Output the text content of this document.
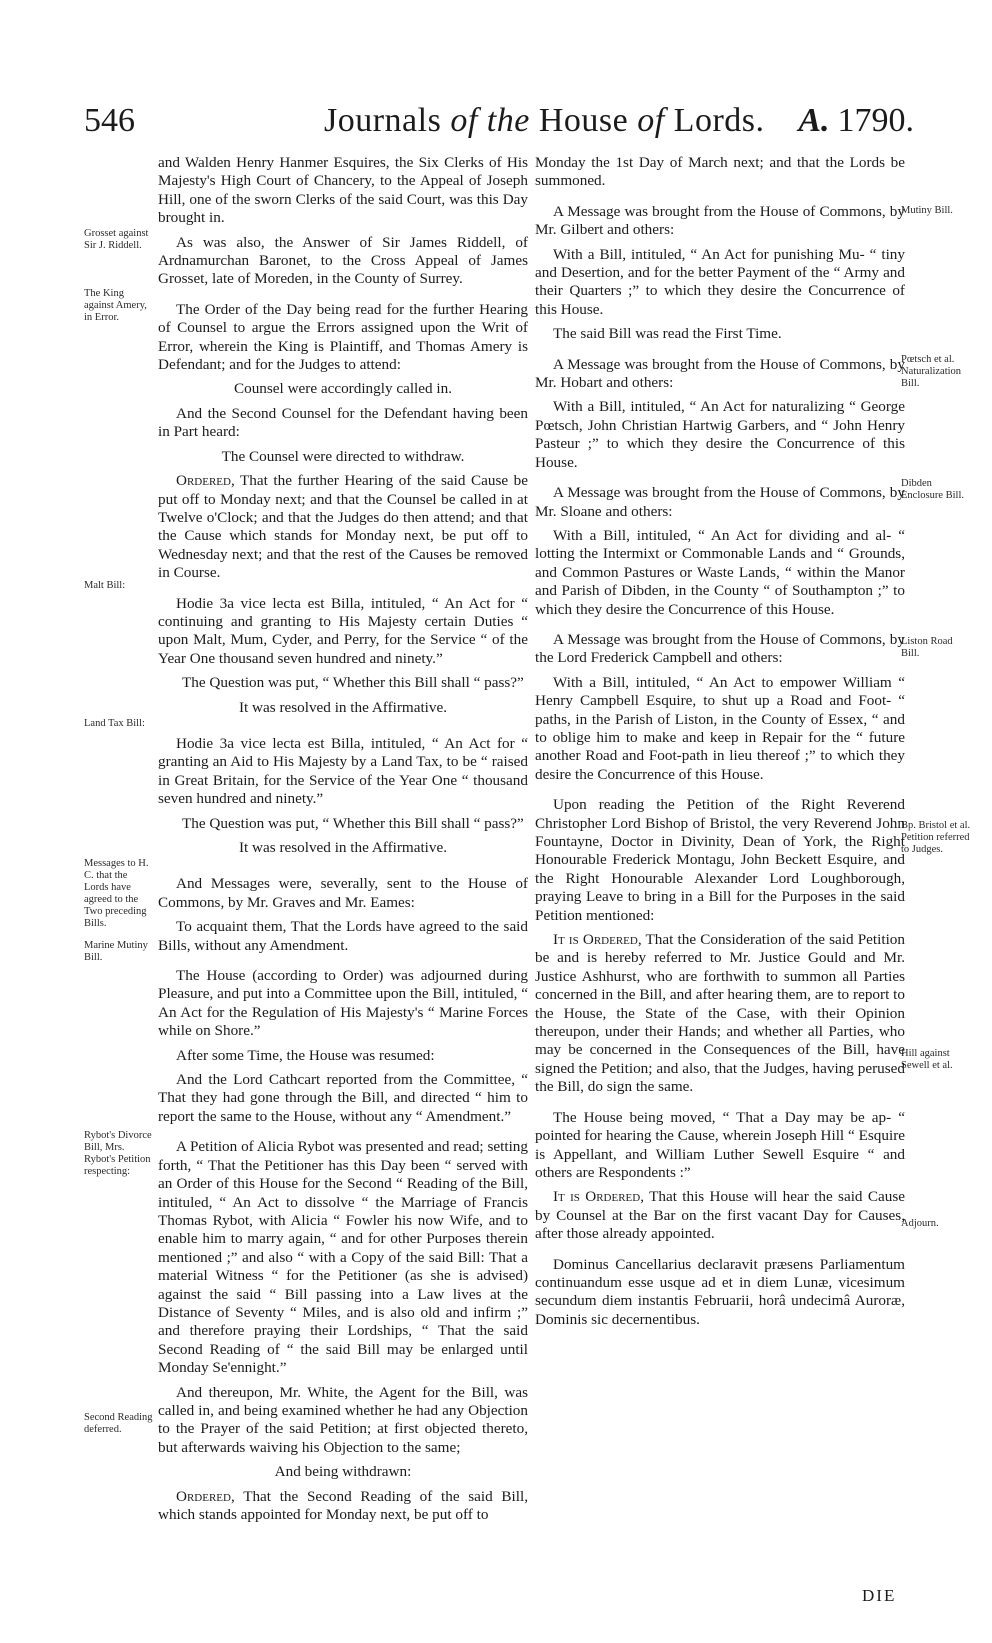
546	Journals of the House of Lords. A. 1790.
Grosset against Sir J. Riddell.
The King against Amery, in Error.
Malt Bill:
Land Tax Bill:
Messages to H. C. that the Lords have agreed to the Two preceding Bills.
Marine Mutiny Bill.
Rybot's Divorce Bill, Mrs. Rybot's Petition respecting:
Second Reading deferred.
Mutiny Bill.
Pœtsch et al. Naturalization Bill.
Dibden Enclosure Bill.
Liston Road Bill.
Bp. Bristol et al. Petition referred to Judges.
Hill against Sewell et al.
Adjourn.

and Walden Henry Hanmer Esquires, the Six Clerks of His Majesty's High Court of Chancery, to the Appeal of Joseph Hill, one of the sworn Clerks of the said Court, was this Day brought in.

As was also, the Answer of Sir James Riddell, of Ardnamurchan Baronet, to the Cross Appeal of James Grosset, late of Moreden, in the County of Surrey.

The Order of the Day being read for the further Hearing of Counsel to argue the Errors assigned upon the Writ of Error, wherein the King is Plaintiff, and Thomas Amery is Defendant; and for the Judges to attend:

Counsel were accordingly called in.

And the Second Counsel for the Defendant having been in Part heard:

The Counsel were directed to withdraw.

Ordered, That the further Hearing of the said Cause be put off to Monday next; and that the Counsel be called in at Twelve o'Clock; and that the Judges do then attend; and that the Cause which stands for Monday next, be put off to Wednesday next; and that the rest of the Causes be removed in Course.

Hodie 3a vice lecta est Billa, intituled, “ An Act for “ continuing and granting to His Majesty certain Duties “ upon Malt, Mum, Cyder, and Perry, for the Service “ of the Year One thousand seven hundred and ninety.”

The Question was put, “ Whether this Bill shall “ pass?”

It was resolved in the Affirmative.

Hodie 3a vice lecta est Billa, intituled, “ An Act for “ granting an Aid to His Majesty by a Land Tax, to be “ raised in Great Britain, for the Service of the Year One “ thousand seven hundred and ninety.”

The Question was put, “ Whether this Bill shall “ pass?”

It was resolved in the Affirmative.

And Messages were, severally, sent to the House of Commons, by Mr. Graves and Mr. Eames:

To acquaint them, That the Lords have agreed to the said Bills, without any Amendment.

The House (according to Order) was adjourned during Pleasure, and put into a Committee upon the Bill, intituled, “ An Act for the Regulation of His Majesty's “ Marine Forces while on Shore.”

After some Time, the House was resumed:

And the Lord Cathcart reported from the Committee, “ That they had gone through the Bill, and directed “ him to report the same to the House, without any “ Amendment.”

A Petition of Alicia Rybot was presented and read; setting forth, “ That the Petitioner has this Day been “ served with an Order of this House for the Second “ Reading of the Bill, intituled, “ An Act to dissolve “ the Marriage of Francis Thomas Rybot, with Alicia “ Fowler his now Wife, and to enable him to marry again, “ and for other Purposes therein mentioned ;” and also “ with a Copy of the said Bill: That a material Witness “ for the Petitioner (as she is advised) against the said “ Bill passing into a Law lives at the Distance of Seventy “ Miles, and is also old and infirm ;” and therefore praying their Lordships, “ That the said Second Reading of “ the said Bill may be enlarged until Monday Se'ennight.”

And thereupon, Mr. White, the Agent for the Bill, was called in, and being examined whether he had any Objection to the Prayer of the said Petition; at first objected thereto, but afterwards waiving his Objection to the same;

And being withdrawn:

Ordered, That the Second Reading of the said Bill, which stands appointed for Monday next, be put off to

Monday the 1st Day of March next; and that the Lords be summoned.

A Message was brought from the House of Commons, by Mr. Gilbert and others:

With a Bill, intituled, “ An Act for punishing Mu- “ tiny and Desertion, and for the better Payment of the “ Army and their Quarters ;” to which they desire the Concurrence of this House.

The said Bill was read the First Time.

A Message was brought from the House of Commons, by Mr. Hobart and others:

With a Bill, intituled, “ An Act for naturalizing “ George Pœtsch, John Christian Hartwig Garbers, and “ John Henry Pasteur ;” to which they desire the Concurrence of this House.

A Message was brought from the House of Commons, by Mr. Sloane and others:

With a Bill, intituled, “ An Act for dividing and al- “ lotting the Intermixt or Commonable Lands and “ Grounds, and Common Pastures or Waste Lands, “ within the Manor and Parish of Dibden, in the County “ of Southampton ;” to which they desire the Concurrence of this House.

A Message was brought from the House of Commons, by the Lord Frederick Campbell and others:

With a Bill, intituled, “ An Act to empower William “ Henry Campbell Esquire, to shut up a Road and Foot- “ paths, in the Parish of Liston, in the County of Essex, “ and to oblige him to make and keep in Repair for the “ future another Road and Foot-path in lieu thereof ;” to which they desire the Concurrence of this House.

Upon reading the Petition of the Right Reverend Christopher Lord Bishop of Bristol, the very Reverend John Fountayne, Doctor in Divinity, Dean of York, the Right Honourable Frederick Montagu, John Beckett Esquire, and the Right Honourable Alexander Lord Loughborough, praying Leave to bring in a Bill for the Purposes in the said Petition mentioned:

It is Ordered, That the Consideration of the said Petition be and is hereby referred to Mr. Justice Gould and Mr. Justice Ashhurst, who are forthwith to summon all Parties concerned in the Bill, and after hearing them, are to report to the House, the State of the Case, with their Opinion thereupon, under their Hands; and whether all Parties, who may be concerned in the Consequences of the Bill, have signed the Petition; and also, that the Judges, having perused the Bill, do sign the same.

The House being moved, “ That a Day may be ap- “ pointed for hearing the Cause, wherein Joseph Hill “ Esquire is Appellant, and William Luther Sewell Esquire “ and others are Respondents :”

It is Ordered, That this House will hear the said Cause by Counsel at the Bar on the first vacant Day for Causes, after those already appointed.

Dominus Cancellarius declaravit præsens Parliamentum continuandum esse usque ad et in diem Lunæ, vicesimum secundum diem instantis Februarii, horâ undecimâ Auroræ, Dominis sic decernentibus.

DIE
